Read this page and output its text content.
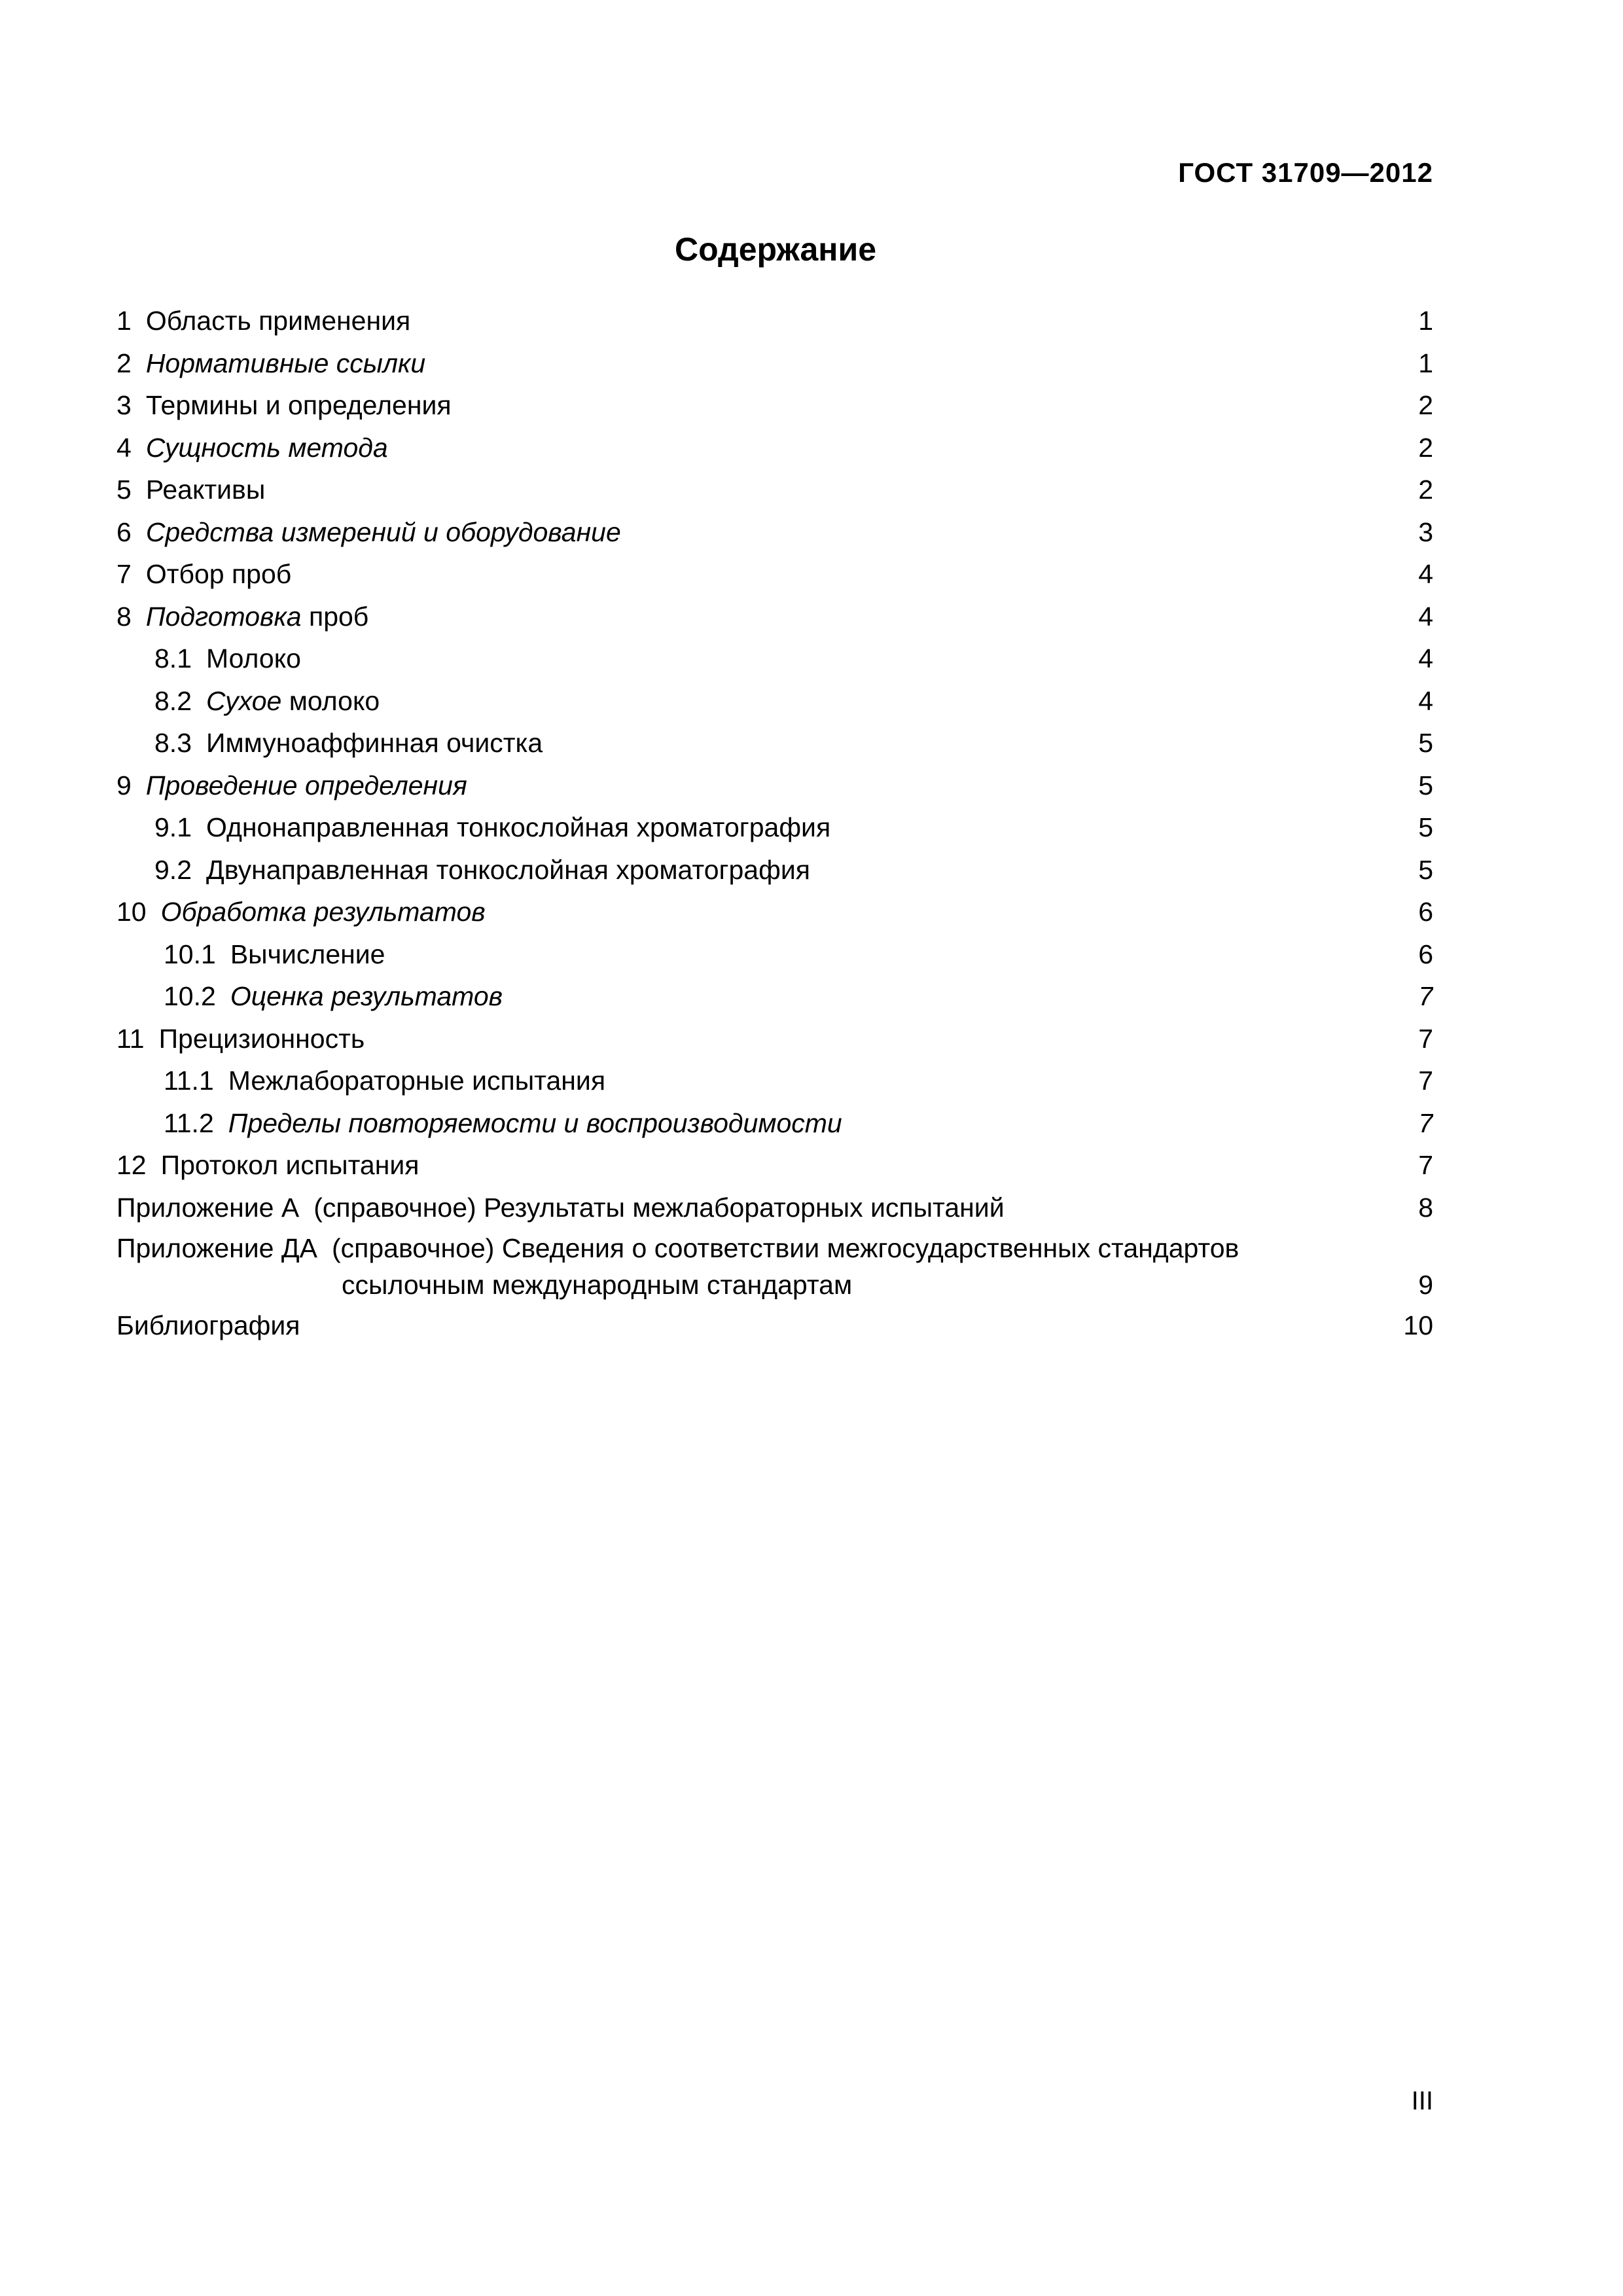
ГОСТ 31709—2012
Содержание
1 Область применения	1
2 Нормативные ссылки	1
3 Термины и определения	2
4 Сущность метода	2
5 Реактивы	2
6 Средства измерений и оборудование	3
7 Отбор проб	4
8 Подготовка проб	4
8.1 Молоко	4
8.2 Сухое молоко	4
8.3 Иммуноаффинная очистка	5
9 Проведение определения	5
9.1 Однонаправленная тонкослойная хроматография	5
9.2 Двунаправленная тонкослойная хроматография	5
10 Обработка результатов	6
10.1 Вычисление	6
10.2 Оценка результатов	7
11 Прецизионность	7
11.1 Межлабораторные испытания	7
11.2 Пределы повторяемости и воспроизводимости	7
12 Протокол испытания	7
Приложение А (справочное) Результаты межлабораторных испытаний	8
Приложение ДА (справочное) Сведения о соответствии межгосударственных стандартов
ссылочным международным стандартам	9
Библиография	10
III
